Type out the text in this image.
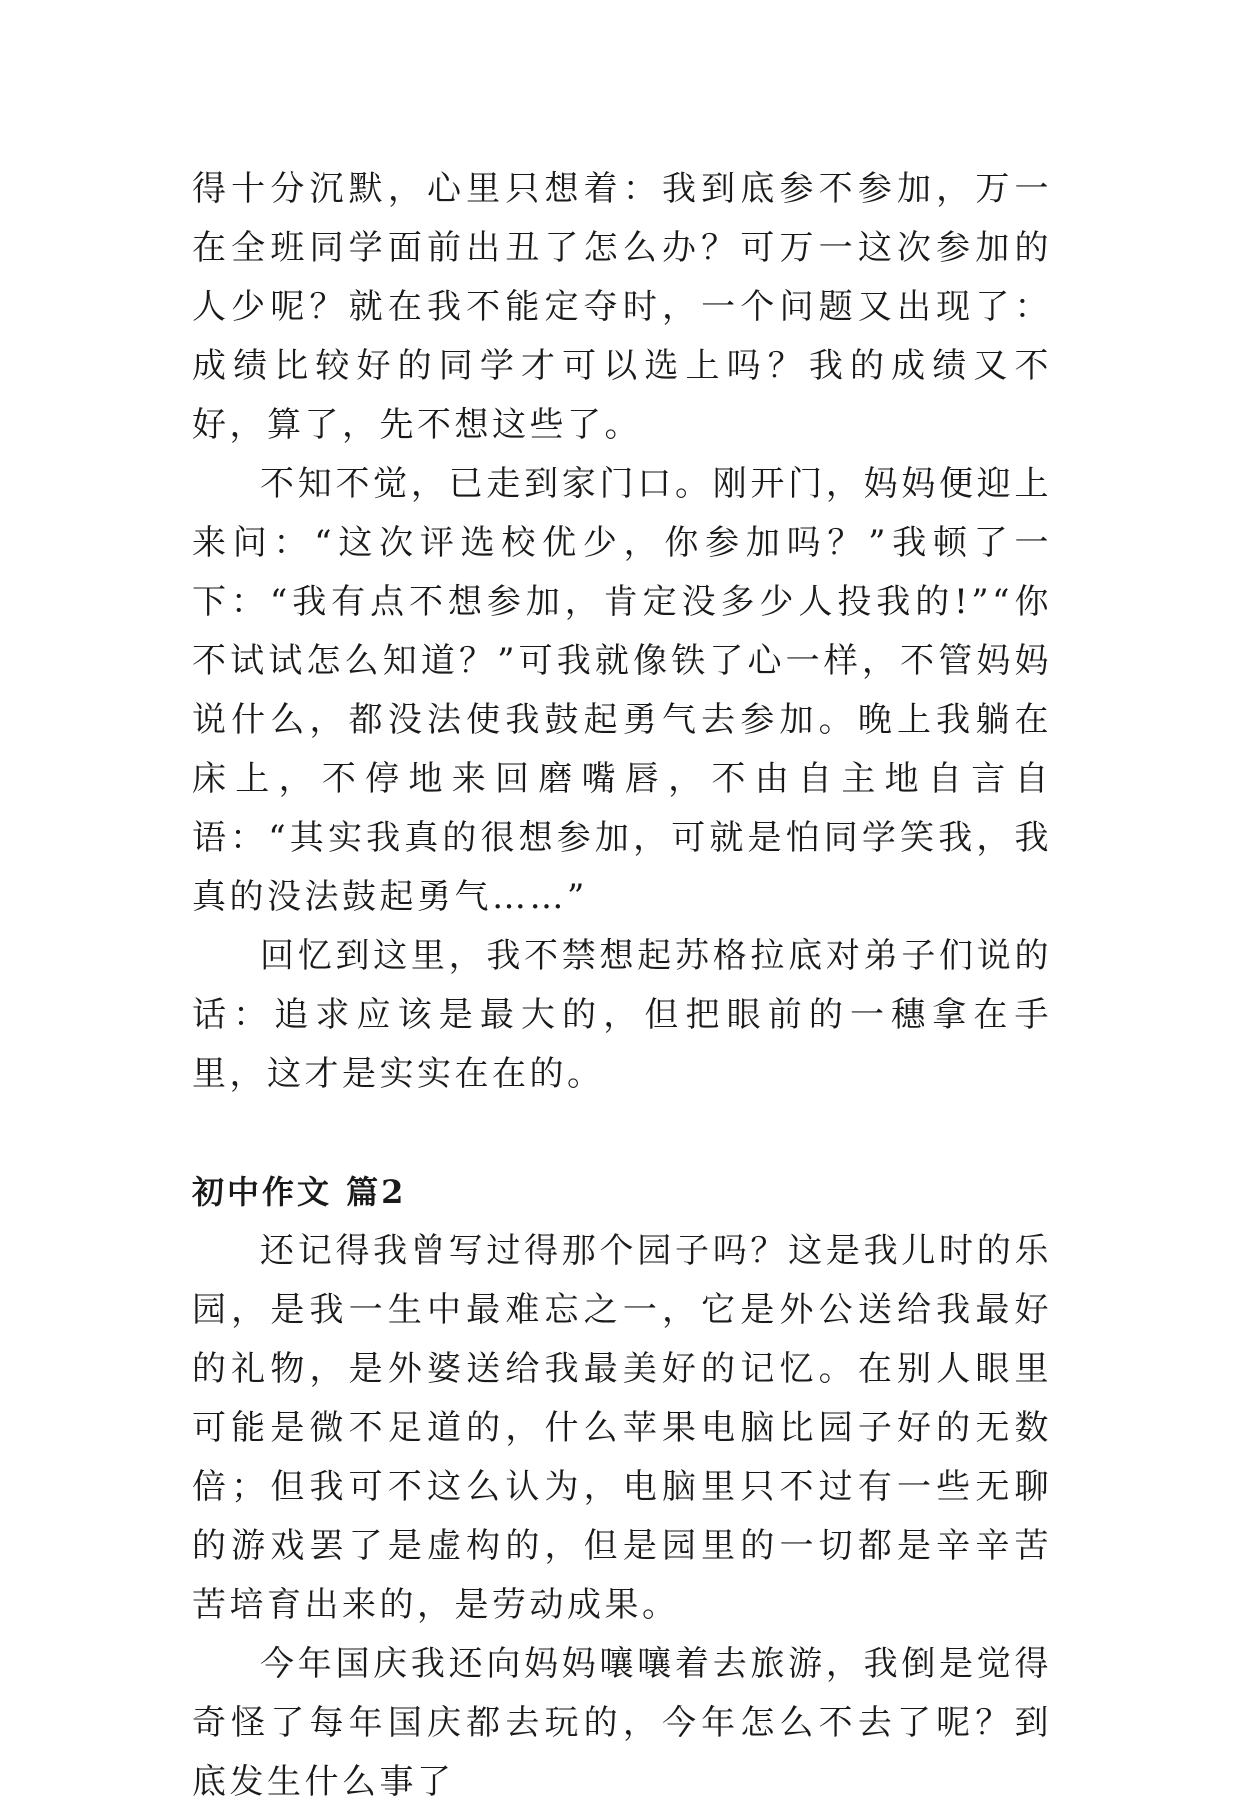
得十分沉默，心里只想着：我到底参不参加，万一在全班同学面前出丑了怎么办？可万一这次参加的人少呢？就在我不能定夺时，一个问题又出现了：成绩比较好的同学才可以选上吗？我的成绩又不好，算了，先不想这些了。

不知不觉，已走到家门口。刚开门，妈妈便迎上来问：“这次评选校优少，你参加吗？”我顿了一下：“我有点不想参加，肯定没多少人投我的!”“你不试试怎么知道？”可我就像铁了心一样，不管妈妈说什么，都没法使我鼓起勇气去参加。晚上我躺在床上，不停地来回磨嘴唇，不由自主地自言自语：“其实我真的很想参加，可就是怕同学笑我，我真的没法鼓起勇气……”

回忆到这里，我不禁想起苏格拉底对弟子们说的话：追求应该是最大的，但把眼前的一穗拿在手里，这才是实实在在的。

初中作文 篇2

还记得我曾写过得那个园子吗？这是我儿时的乐园，是我一生中最难忘之一，它是外公送给我最好的礼物，是外婆送给我最美好的记忆。在别人眼里可能是微不足道的，什么苹果电脑比园子好的无数倍；但我可不这么认为，电脑里只不过有一些无聊的游戏罢了是虚构的，但是园里的一切都是辛辛苦苦培育出来的，是劳动成果。

今年国庆我还向妈妈嚷嚷着去旅游，我倒是觉得奇怪了每年国庆都去玩的，今年怎么不去了呢？到底发生什么事了
